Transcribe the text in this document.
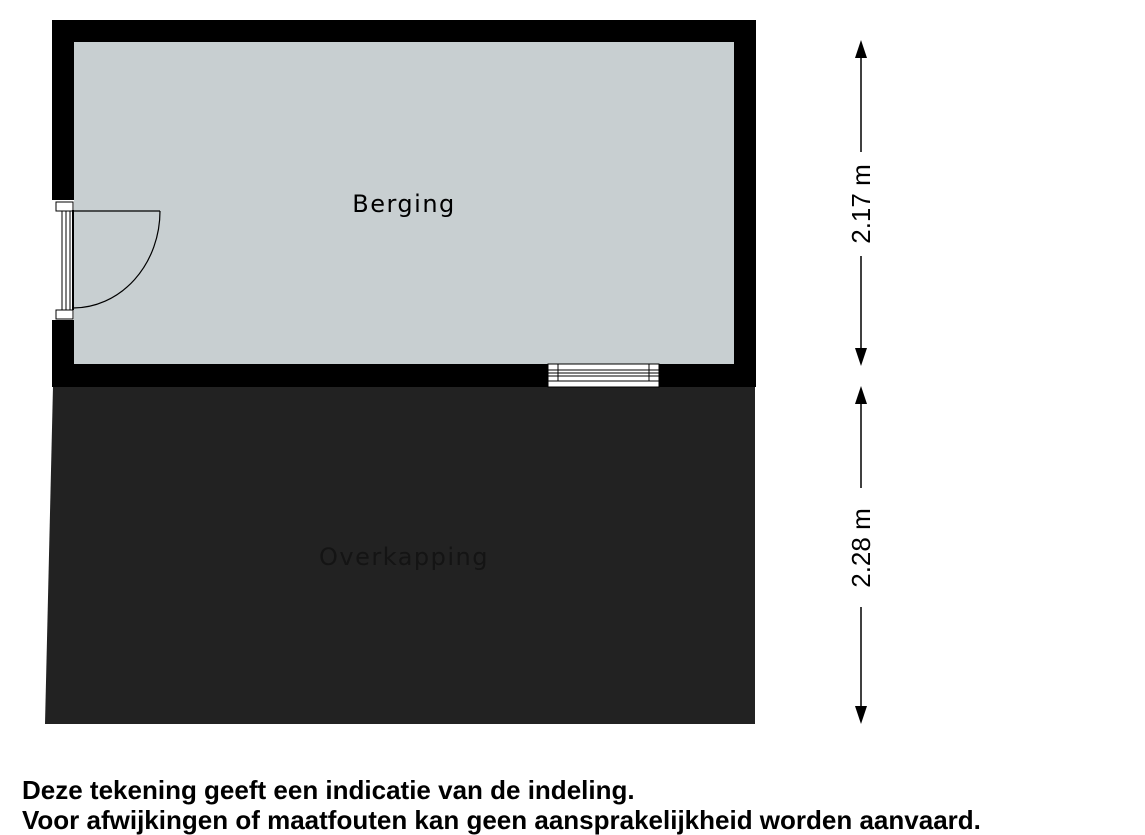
Berging
Overkapping
2.17 m
2.28 m
Deze tekening geeft een indicatie van de indeling.
Voor afwijkingen of maatfouten kan geen aansprakelijkheid worden aanvaard.
